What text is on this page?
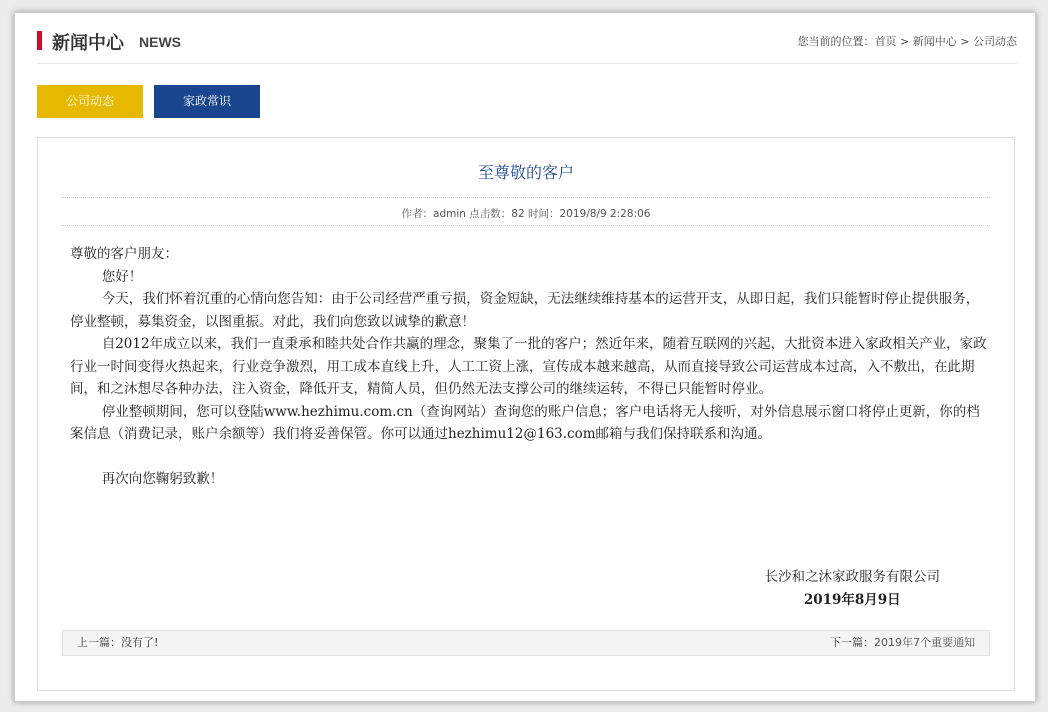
新闻中心 NEWS	您当前的位置：首页 > 新闻中心 > 公司动态
公司动态	家政常识
至尊敬的客户
作者：admin 点击数：82 时间：2019/8/9 2:28:06

尊敬的客户朋友：

您好！

今天，我们怀着沉重的心情向您告知：由于公司经营严重亏损，资金短缺，无法继续维持基本的运营开支，从即日起，我们只能暂时停止提供服务，停业整顿，募集资金，以图重振。对此，我们向您致以诚挚的歉意！

自2012年成立以来，我们一直秉承和睦共处合作共赢的理念，聚集了一批的客户；然近年来，随着互联网的兴起，大批资本进入家政相关产业，家政行业一时间变得火热起来，行业竞争激烈，用工成本直线上升，人工工资上涨，宣传成本越来越高，从而直接导致公司运营成本过高，入不敷出，在此期间，和之沐想尽各种办法，注入资金，降低开支，精简人员，但仍然无法支撑公司的继续运转，不得已只能暂时停业。

停业整顿期间，您可以登陆www.hezhimu.com.cn（查询网站）查询您的账户信息；客户电话将无人接听，对外信息展示窗口将停止更新，你的档案信息（消费记录，账户余额等）我们将妥善保管。你可以通过hezhimu12@163.com邮箱与我们保持联系和沟通。

再次向您鞠躬致歉！

长沙和之沐家政服务有限公司
2019年8月9日
上一篇：没有了!	下一篇：2019年7个重要通知
